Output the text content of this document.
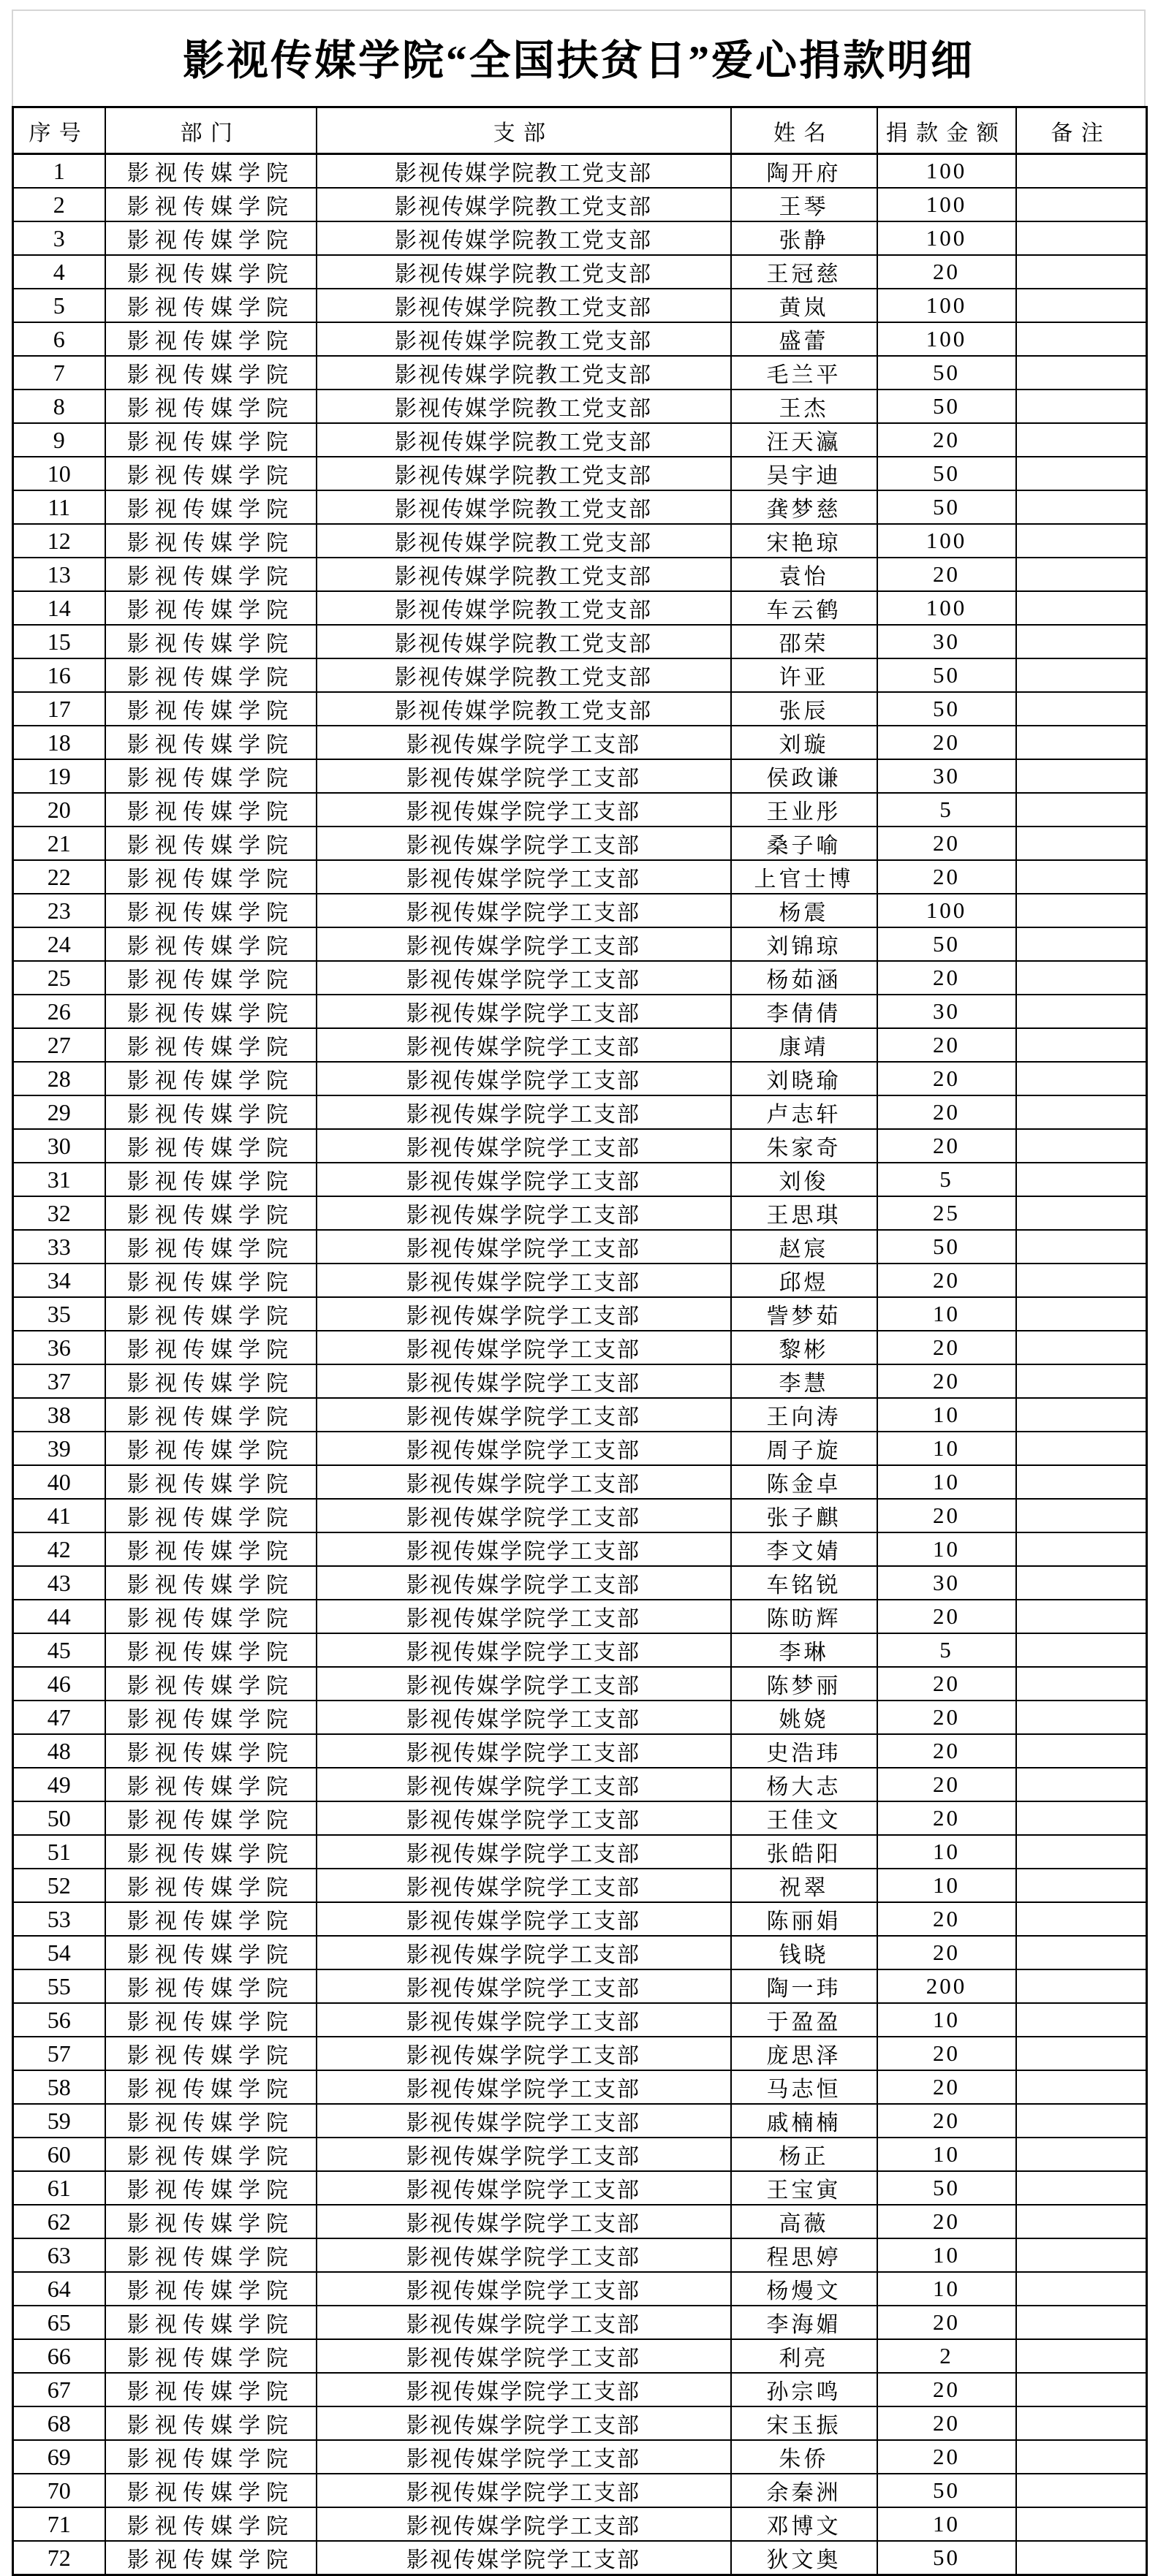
影视传媒学院“全国扶贫日”爱心捐款明细
序号	部门	支部	姓名	捐款金额	备注
1	影视传媒学院	影视传媒学院教工党支部	陶开府	100	
2	影视传媒学院	影视传媒学院教工党支部	王琴	100	
3	影视传媒学院	影视传媒学院教工党支部	张静	100	
4	影视传媒学院	影视传媒学院教工党支部	王冠慈	20	
5	影视传媒学院	影视传媒学院教工党支部	黄岚	100	
6	影视传媒学院	影视传媒学院教工党支部	盛蕾	100	
7	影视传媒学院	影视传媒学院教工党支部	毛兰平	50	
8	影视传媒学院	影视传媒学院教工党支部	王杰	50	
9	影视传媒学院	影视传媒学院教工党支部	汪天瀛	20	
10	影视传媒学院	影视传媒学院教工党支部	吴宇迪	50	
11	影视传媒学院	影视传媒学院教工党支部	龚梦慈	50	
12	影视传媒学院	影视传媒学院教工党支部	宋艳琼	100	
13	影视传媒学院	影视传媒学院教工党支部	袁怡	20	
14	影视传媒学院	影视传媒学院教工党支部	车云鹤	100	
15	影视传媒学院	影视传媒学院教工党支部	邵荣	30	
16	影视传媒学院	影视传媒学院教工党支部	许亚	50	
17	影视传媒学院	影视传媒学院教工党支部	张辰	50	
18	影视传媒学院	影视传媒学院学工支部	刘璇	20	
19	影视传媒学院	影视传媒学院学工支部	侯政谦	30	
20	影视传媒学院	影视传媒学院学工支部	王业彤	5	
21	影视传媒学院	影视传媒学院学工支部	桑子喻	20	
22	影视传媒学院	影视传媒学院学工支部	上官士博	20	
23	影视传媒学院	影视传媒学院学工支部	杨震	100	
24	影视传媒学院	影视传媒学院学工支部	刘锦琼	50	
25	影视传媒学院	影视传媒学院学工支部	杨茹涵	20	
26	影视传媒学院	影视传媒学院学工支部	李倩倩	30	
27	影视传媒学院	影视传媒学院学工支部	康靖	20	
28	影视传媒学院	影视传媒学院学工支部	刘晓瑜	20	
29	影视传媒学院	影视传媒学院学工支部	卢志轩	20	
30	影视传媒学院	影视传媒学院学工支部	朱家奇	20	
31	影视传媒学院	影视传媒学院学工支部	刘俊	5	
32	影视传媒学院	影视传媒学院学工支部	王思琪	25	
33	影视传媒学院	影视传媒学院学工支部	赵宸	50	
34	影视传媒学院	影视传媒学院学工支部	邱煜	20	
35	影视传媒学院	影视传媒学院学工支部	訾梦茹	10	
36	影视传媒学院	影视传媒学院学工支部	黎彬	20	
37	影视传媒学院	影视传媒学院学工支部	李慧	20	
38	影视传媒学院	影视传媒学院学工支部	王向涛	10	
39	影视传媒学院	影视传媒学院学工支部	周子旋	10	
40	影视传媒学院	影视传媒学院学工支部	陈金卓	10	
41	影视传媒学院	影视传媒学院学工支部	张子麒	20	
42	影视传媒学院	影视传媒学院学工支部	李文婧	10	
43	影视传媒学院	影视传媒学院学工支部	车铭锐	30	
44	影视传媒学院	影视传媒学院学工支部	陈昉辉	20	
45	影视传媒学院	影视传媒学院学工支部	李琳	5	
46	影视传媒学院	影视传媒学院学工支部	陈梦丽	20	
47	影视传媒学院	影视传媒学院学工支部	姚娆	20	
48	影视传媒学院	影视传媒学院学工支部	史浩玮	20	
49	影视传媒学院	影视传媒学院学工支部	杨大志	20	
50	影视传媒学院	影视传媒学院学工支部	王佳文	20	
51	影视传媒学院	影视传媒学院学工支部	张皓阳	10	
52	影视传媒学院	影视传媒学院学工支部	祝翠	10	
53	影视传媒学院	影视传媒学院学工支部	陈丽娟	20	
54	影视传媒学院	影视传媒学院学工支部	钱晓	20	
55	影视传媒学院	影视传媒学院学工支部	陶一玮	200	
56	影视传媒学院	影视传媒学院学工支部	于盈盈	10	
57	影视传媒学院	影视传媒学院学工支部	庞思泽	20	
58	影视传媒学院	影视传媒学院学工支部	马志恒	20	
59	影视传媒学院	影视传媒学院学工支部	戚楠楠	20	
60	影视传媒学院	影视传媒学院学工支部	杨正	10	
61	影视传媒学院	影视传媒学院学工支部	王宝寅	50	
62	影视传媒学院	影视传媒学院学工支部	高薇	20	
63	影视传媒学院	影视传媒学院学工支部	程思婷	10	
64	影视传媒学院	影视传媒学院学工支部	杨熳文	10	
65	影视传媒学院	影视传媒学院学工支部	李海媚	20	
66	影视传媒学院	影视传媒学院学工支部	利亮	2	
67	影视传媒学院	影视传媒学院学工支部	孙宗鸣	20	
68	影视传媒学院	影视传媒学院学工支部	宋玉振	20	
69	影视传媒学院	影视传媒学院学工支部	朱侨	20	
70	影视传媒学院	影视传媒学院学工支部	余秦洲	50	
71	影视传媒学院	影视传媒学院学工支部	邓博文	10	
72	影视传媒学院	影视传媒学院学工支部	狄文奥	50	
